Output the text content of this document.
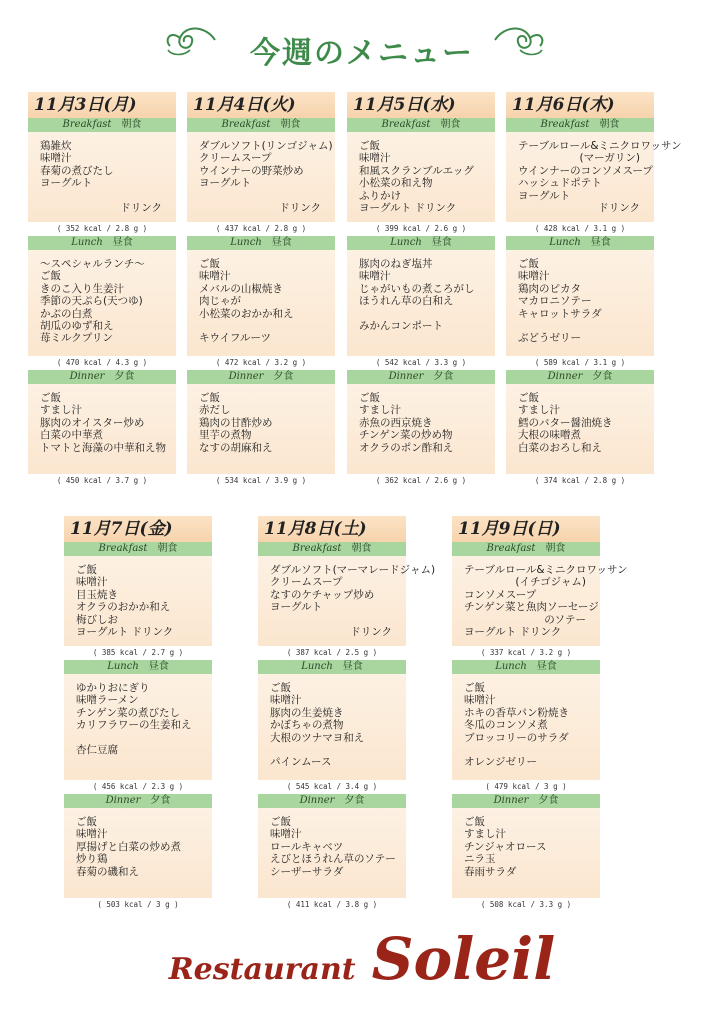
今週のメニュー
11月3日(月)
Breakfast 朝食
鶏雑炊
味噌汁
春菊の煮びたし
ヨーグルト
ドリンク
( 352 kcal / 2.8 g )
Lunch 昼食
〜スペシャルランチ〜
ご飯
きのこ入り生姜汁
季節の天ぷら(天つゆ)
かぶの白煮
胡瓜のゆず和え
苺ミルクプリン
( 470 kcal / 4.3 g )
Dinner 夕食
ご飯
すまし汁
豚肉のオイスター炒め
白菜の中華煮
トマトと海藻の中華和え物
( 450 kcal / 3.7 g )
11月4日(火)
Breakfast 朝食
ダブルソフト(リンゴジャム)
クリームスープ
ウインナーの野菜炒め
ヨーグルト
ドリンク
( 437 kcal / 2.8 g )
Lunch 昼食
ご飯
味噌汁
メバルの山椒焼き
肉じゃが
小松菜のおかか和え
キウイフルーツ
( 472 kcal / 3.2 g )
Dinner 夕食
ご飯
赤だし
鶏肉の甘酢炒め
里芋の煮物
なすの胡麻和え
( 534 kcal / 3.9 g )
11月5日(水)
Breakfast 朝食
ご飯
味噌汁
和風スクランブルエッグ
小松菜の和え物
ふりかけ
ヨーグルト ドリンク
( 399 kcal / 2.6 g )
Lunch 昼食
豚肉のねぎ塩丼
味噌汁
じゃがいもの煮ころがし
ほうれん草の白和え
みかんコンポート
( 542 kcal / 3.3 g )
Dinner 夕食
ご飯
すまし汁
赤魚の西京焼き
チンゲン菜の炒め物
オクラのポン酢和え
( 362 kcal / 2.6 g )
11月6日(木)
Breakfast 朝食
テーブルロール&ミニクロワッサン
(マーガリン)
ウインナーのコンソメスープ
ハッシュドポテト
ヨーグルト
ドリンク
( 428 kcal / 3.1 g )
Lunch 昼食
ご飯
味噌汁
鶏肉のピカタ
マカロニソテー
キャロットサラダ
ぶどうゼリー
( 589 kcal / 3.1 g )
Dinner 夕食
ご飯
すまし汁
鱈のバター醤油焼き
大根の味噌煮
白菜のおろし和え
( 374 kcal / 2.8 g )
11月7日(金)
Breakfast 朝食
ご飯
味噌汁
目玉焼き
オクラのおかか和え
梅びしお
ヨーグルト ドリンク
( 385 kcal / 2.7 g )
Lunch 昼食
ゆかりおにぎり
味噌ラーメン
チンゲン菜の煮びたし
カリフラワーの生姜和え
杏仁豆腐
( 456 kcal / 2.3 g )
Dinner 夕食
ご飯
味噌汁
厚揚げと白菜の炒め煮
炒り鶏
春菊の磯和え
( 503 kcal / 3 g )
11月8日(土)
Breakfast 朝食
ダブルソフト(マーマレードジャム)
クリームスープ
なすのケチャップ炒め
ヨーグルト
ドリンク
( 387 kcal / 2.5 g )
Lunch 昼食
ご飯
味噌汁
豚肉の生姜焼き
かぼちゃの煮物
大根のツナマヨ和え
パインムース
( 545 kcal / 3.4 g )
Dinner 夕食
ご飯
味噌汁
ロールキャベツ
えびとほうれん草のソテー
シーザーサラダ
( 411 kcal / 3.8 g )
11月9日(日)
Breakfast 朝食
テーブルロール&ミニクロワッサン
(イチゴジャム)
コンソメスープ
チンゲン菜と魚肉ソーセージ
のソテー
ヨーグルト ドリンク
( 337 kcal / 3.2 g )
Lunch 昼食
ご飯
味噌汁
ホキの香草パン粉焼き
冬瓜のコンソメ煮
ブロッコリーのサラダ
オレンジゼリー
( 479 kcal / 3 g )
Dinner 夕食
ご飯
すまし汁
チンジャオロース
ニラ玉
春雨サラダ
( 508 kcal / 3.3 g )
Restaurant Soleil
